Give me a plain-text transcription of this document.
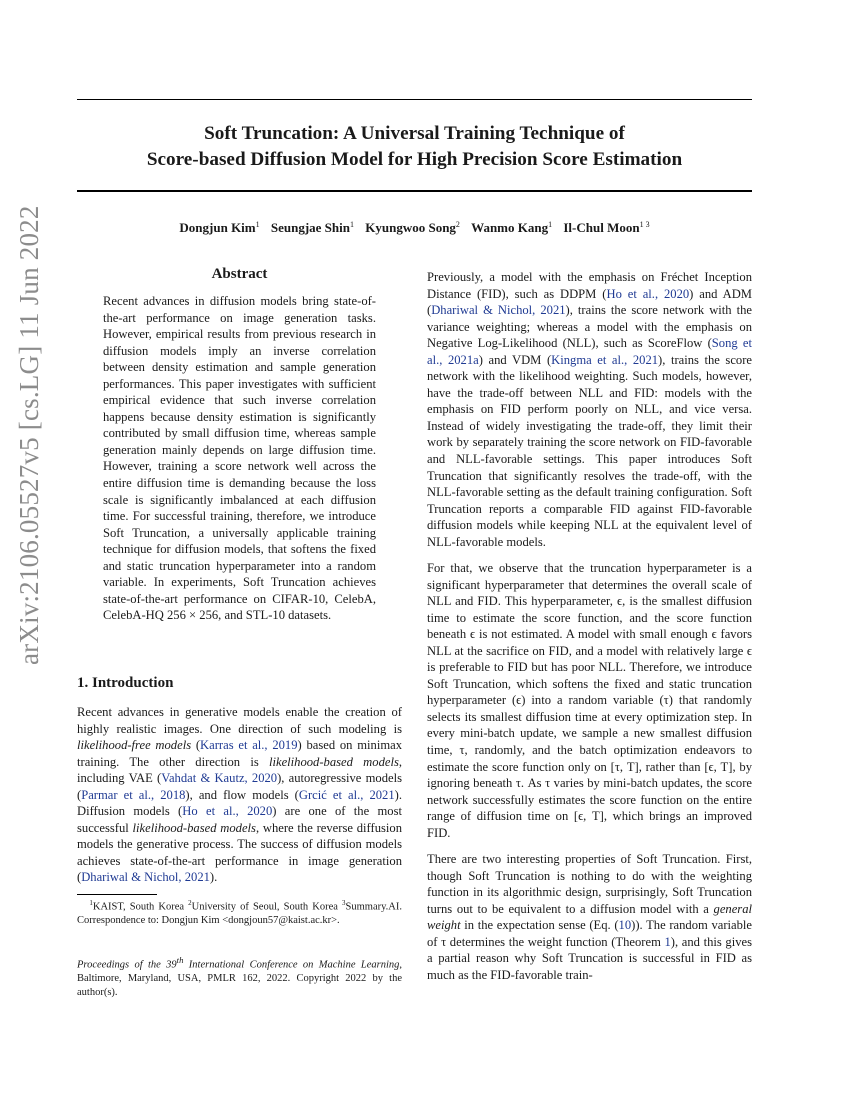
arXiv:2106.05527v5 [cs.LG] 11 Jun 2022
Soft Truncation: A Universal Training Technique of
Score-based Diffusion Model for High Precision Score Estimation
Dongjun Kim$^1$ Seungjae Shin$^1$ Kyungwoo Song$^2$ Wanmo Kang$^1$ Il-Chul Moon$^{1 3}$
Abstract

Recent advances in diffusion models bring state-of-the-art performance on image generation tasks. However, empirical results from previous research in diffusion models imply an inverse correlation between density estimation and sample generation performances. This paper investigates with sufficient empirical evidence that such inverse correlation happens because density estimation is significantly contributed by small diffusion time, whereas sample generation mainly depends on large diffusion time. However, training a score network well across the entire diffusion time is demanding because the loss scale is significantly imbalanced at each diffusion time. For successful training, therefore, we introduce Soft Truncation, a universally applicable training technique for diffusion models, that softens the fixed and static truncation hyperparameter into a random variable. In experiments, Soft Truncation achieves state-of-the-art performance on CIFAR-10, CelebA, CelebA-HQ 256 × 256, and STL-10 datasets.

1. Introduction

Recent advances in generative models enable the creation of highly realistic images. One direction of such modeling is likelihood-free models (Karras et al., 2019) based on minimax training. The other direction is likelihood-based models, including VAE (Vahdat & Kautz, 2020), autoregressive models (Parmar et al., 2018), and flow models (Grcić et al., 2021). Diffusion models (Ho et al., 2020) are one of the most successful likelihood-based models, where the reverse diffusion models the generative process. The success of diffusion models achieves state-of-the-art performance in image generation (Dhariwal & Nichol, 2021).

$^1$KAIST, South Korea $^2$University of Seoul, South Korea $^3$Summary.AI. Correspondence to: Dongjun Kim <dongjoun57@kaist.ac.kr>.
Proceedings of the 39th International Conference on Machine Learning, Baltimore, Maryland, USA, PMLR 162, 2022. Copyright 2022 by the author(s).

Previously, a model with the emphasis on Fréchet Inception Distance (FID), such as DDPM (Ho et al., 2020) and ADM (Dhariwal & Nichol, 2021), trains the score network with the variance weighting; whereas a model with the emphasis on Negative Log-Likelihood (NLL), such as ScoreFlow (Song et al., 2021a) and VDM (Kingma et al., 2021), trains the score network with the likelihood weighting. Such models, however, have the trade-off between NLL and FID: models with the emphasis on FID perform poorly on NLL, and vice versa. Instead of widely investigating the trade-off, they limit their work by separately training the score network on FID-favorable and NLL-favorable settings. This paper introduces Soft Truncation that significantly resolves the trade-off, with the NLL-favorable setting as the default training configuration. Soft Truncation reports a comparable FID against FID-favorable diffusion models while keeping NLL at the equivalent level of NLL-favorable models.

For that, we observe that the truncation hyperparameter is a significant hyperparameter that determines the overall scale of NLL and FID. This hyperparameter, ϵ, is the smallest diffusion time to estimate the score function, and the score function beneath ϵ is not estimated. A model with small enough ϵ favors NLL at the sacrifice on FID, and a model with relatively large ϵ is preferable to FID but has poor NLL. Therefore, we introduce Soft Truncation, which softens the fixed and static truncation hyperparameter (ϵ) into a random variable (τ) that randomly selects its smallest diffusion time at every optimization step. In every mini-batch update, we sample a new smallest diffusion time, τ, randomly, and the batch optimization endeavors to estimate the score function only on [τ, T], rather than [ϵ, T], by ignoring beneath τ. As τ varies by mini-batch updates, the score network successfully estimates the score function on the entire range of diffusion time on [ϵ, T], which brings an improved FID.

There are two interesting properties of Soft Truncation. First, though Soft Truncation is nothing to do with the weighting function in its algorithmic design, surprisingly, Soft Truncation turns out to be equivalent to a diffusion model with a general weight in the expectation sense (Eq. (10)). The random variable of τ determines the weight function (Theorem 1), and this gives a partial reason why Soft Truncation is successful in FID as much as the FID-favorable train-
